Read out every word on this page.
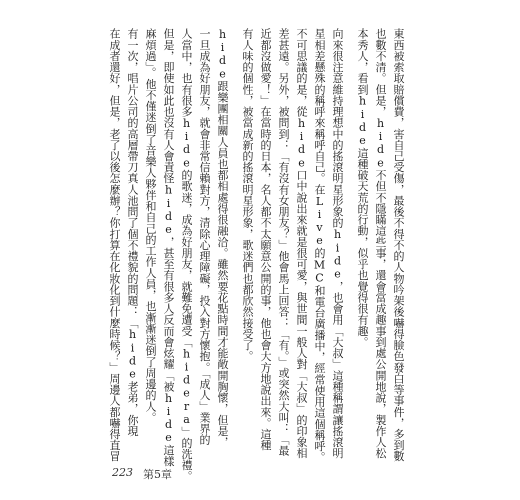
東西被索取賠償費，害自己受傷，最後不得不的人物吟架後嚇得臉色發白等事件，多到數
也數不清。但是，hide不但不隱瞞這些事，還會當成趣事到處公開地說，製作人松
本秀人，看到hide這種破天荒的行動，似乎也覺得很有趣。
向來很注意維持理想中的搖滾明星形象的hide，也會用「大叔」這種稱謂讓搖滾明
星相差懸殊的稱呼來稱呼自己。在Live的MC和電台廣播中，經常使用這個稱呼。
不可思議的是，從hide口中說出來就是很可愛，與世間一般人對「大叔」的印象相
差甚遠。另外，被問到：「有沒有女朋友？」他會馬上回答：「有。」或突然大叫：「最
近都沒做愛！」在當時的日本，名人都不太願意公開的事，他也會大方地說出來。這種
有人味的個性，被當成新的搖滾明星形象，歌迷們也都欣然接受了。
hide跟樂團相關人員也都相處得很融洽。雖然要花點時間才能敞開胸懷，但是，
一旦成為好朋友，就會非常信賴對方，清除心理障礙，投入對方懷抱。「成人」業界的
人當中，也有很多hide的歌迷，成為好朋友，就難免遭受「hidera」的洗禮。
但是，即使如此也沒有人會責怪hide，甚至有很多人反而會炫耀「被hide這樣
麻煩過」。他不僅迷倒了音樂人夥伴和自己的工作人員，也漸漸迷倒了周邊的人。
有一次，唱片公司的高層帶刀真人池問了個不禮貌的問題：「hide老弟，你現
在成者還好，但是，老了以後怎麼辦？你打算在化妝化到什麼時候？」周邊人都嚇得直冒
223 第5章
